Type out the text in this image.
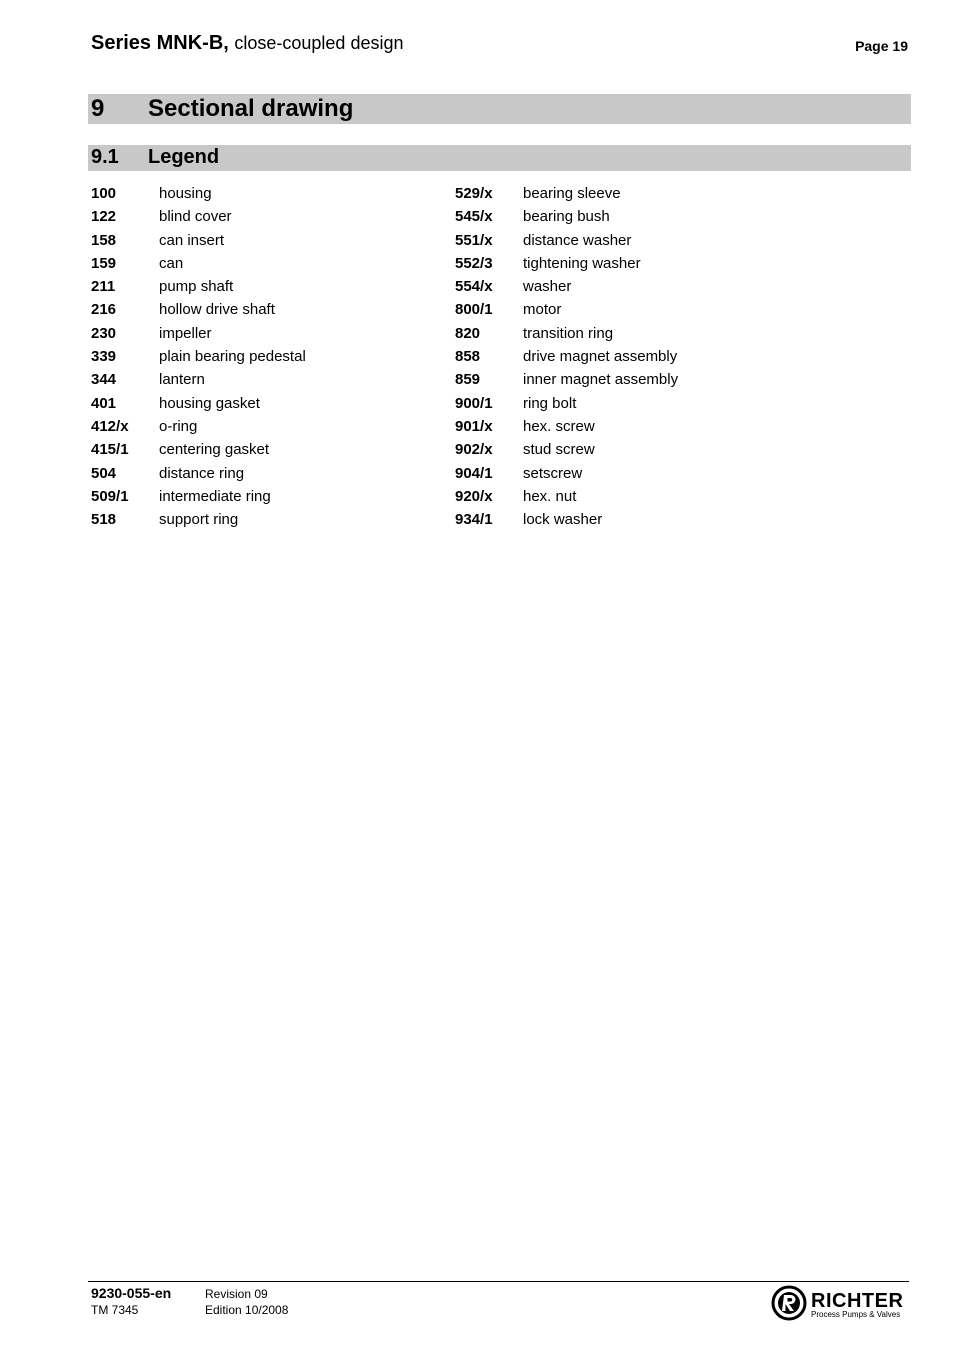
Series MNK-B, close-coupled design	Page 19
9 Sectional drawing
9.1 Legend
100	housing
122	blind cover
158	can insert
159	can
211	pump shaft
216	hollow drive shaft
230	impeller
339	plain bearing pedestal
344	lantern
401	housing gasket
412/x o-ring
415/1 centering gasket
504	distance ring
509/1 intermediate ring
518	support ring
529/x bearing sleeve
545/x bearing bush
551/x distance washer
552/3 tightening washer
554/x washer
800/1 motor
820	transition ring
858	drive magnet assembly
859	inner magnet assembly
900/1 ring bolt
901/x hex. screw
902/x stud screw
904/1 setscrew
920/x hex. nut
934/1 lock washer
9230-055-en
TM 7345
Revision 09
Edition 10/2008	RICHTER
Process Pumps & Valves
